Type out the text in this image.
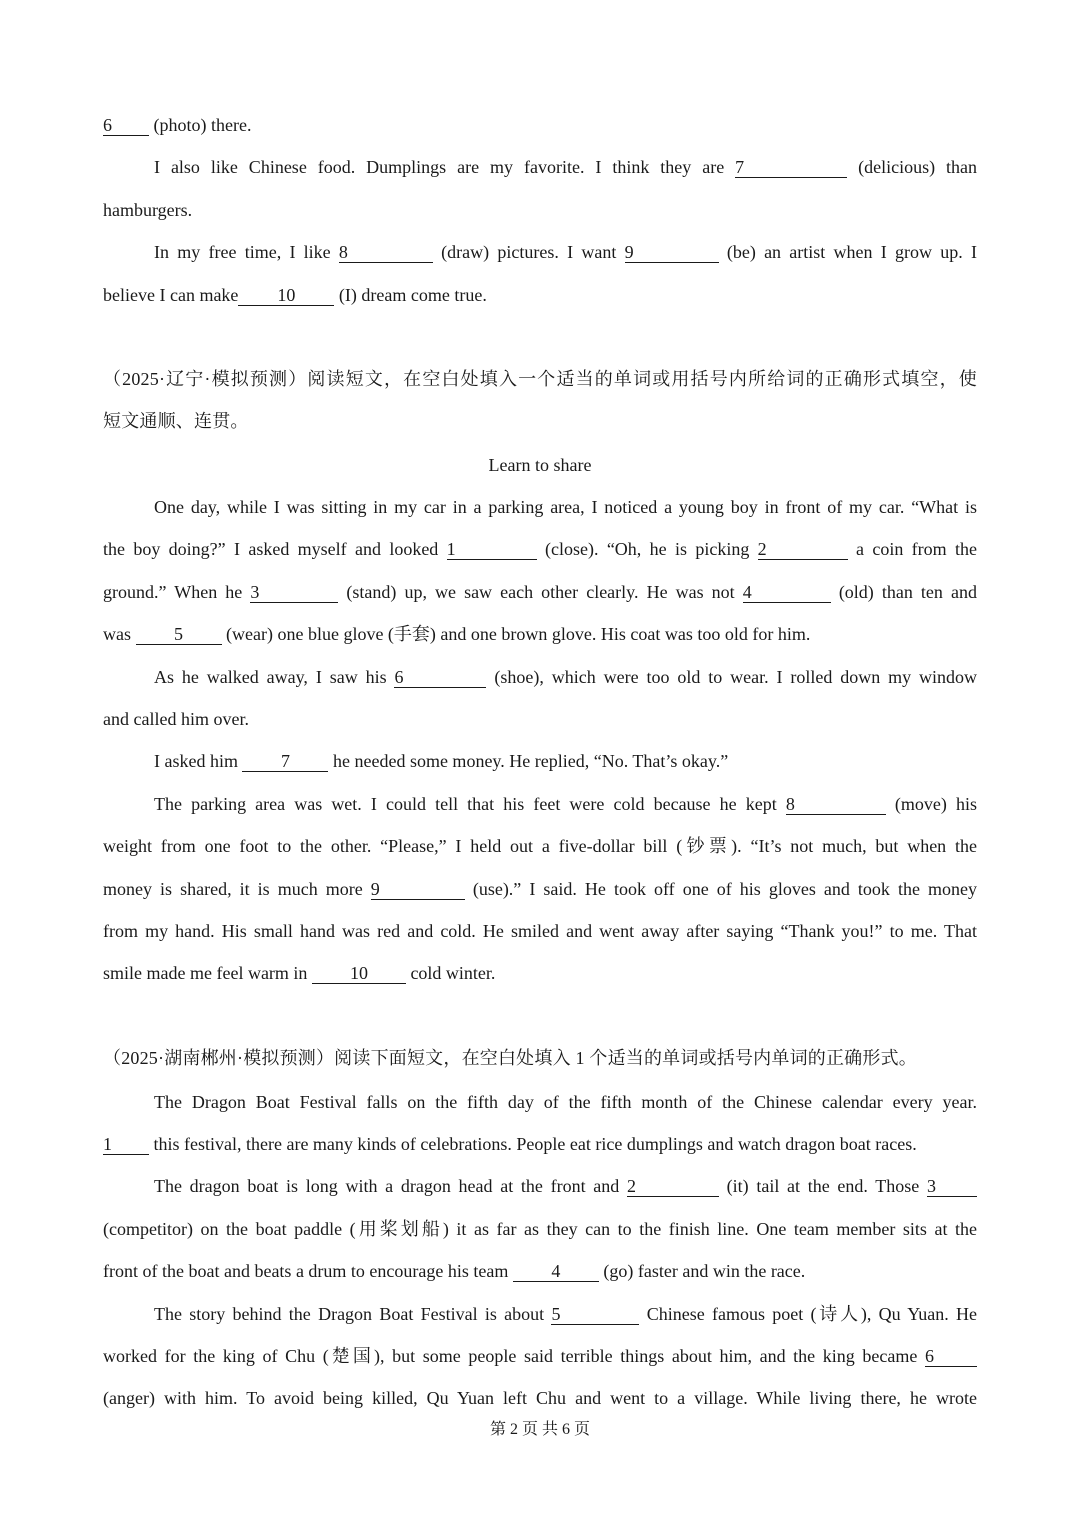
6 (photo) there.
I also like Chinese food. Dumplings are my favorite. I think they are 7	(delicious) than
hamburgers.
In my free time, I like 8	(draw) pictures. I want 9	(be) an artist when I grow up. I
believe I can make 10 (I) dream come true.
（2025·辽宁·模拟预测）阅读短文，在空白处填入一个适当的单词或用括号内所给词的正确形式填空，使
短文通顺、连贯。
Learn to share
One day, while I was sitting in my car in a parking area, I noticed a young boy in front of my car. “What is
the boy doing?” I asked myself and looked 1	(close). “Oh, he is picking 2	a coin from the
ground.” When he 3	(stand) up, we saw each other clearly. He was not 4	(old) than ten and
was 5 (wear) one blue glove (手套) and one brown glove. His coat was too old for him.
As he walked away, I saw his 6	(shoe), which were too old to wear. I rolled down my window
and called him over.
I asked him 7 he needed some money. He replied, “No. That’s okay.”
The parking area was wet. I could tell that his feet were cold because he kept 8	(move) his
weight from one foot to the other. “Please,” I held out a five-dollar bill (钞票). “It’s not much, but when the
money is shared, it is much more 9	(use).” I said. He took off one of his gloves and took the money
from my hand. His small hand was red and cold. He smiled and went away after saying “Thank you!” to me. That
smile made me feel warm in 10 cold winter.
（2025·湖南郴州·模拟预测）阅读下面短文，在空白处填入 1 个适当的单词或括号内单词的正确形式。
The Dragon Boat Festival falls on the fifth day of the fifth month of the Chinese calendar every year.
1 this festival, there are many kinds of celebrations. People eat rice dumplings and watch dragon boat races.
The dragon boat is long with a dragon head at the front and 2	(it) tail at the end. Those 3
(competitor) on the boat paddle (用桨划船) it as far as they can to the finish line. One team member sits at the
front of the boat and beats a drum to encourage his team 4 (go) faster and win the race.
The story behind the Dragon Boat Festival is about 5	Chinese famous poet (诗人), Qu Yuan. He
worked for the king of Chu (楚国), but some people said terrible things about him, and the king became 6
(anger) with him. To avoid being killed, Qu Yuan left Chu and went to a village. While living there, he wrote
第 2 页 共 6 页
